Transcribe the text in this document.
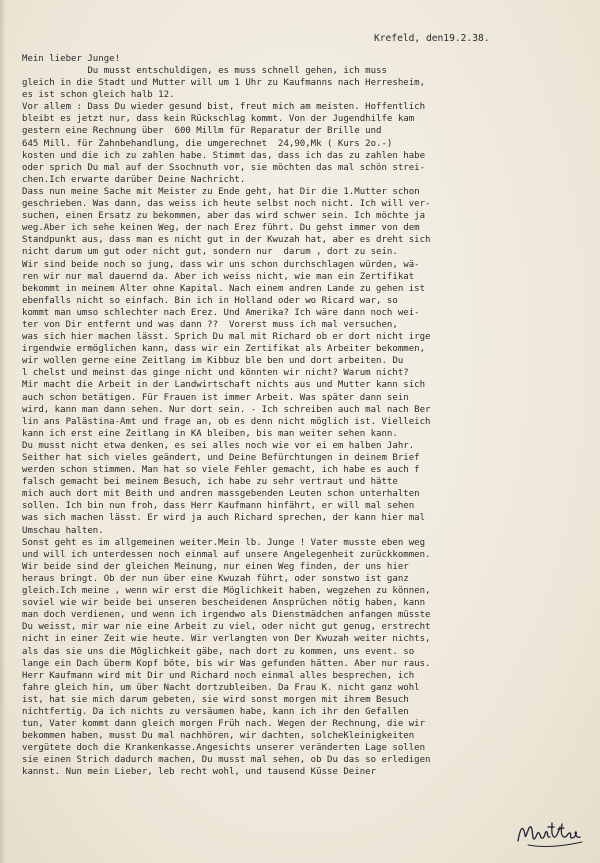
Krefeld, den19.2.38.
Mein lieber Junge!
Du musst entschuldigen, es muss schnell gehen, ich muss
gleich in die Stadt und Mutter will um 1 Uhr zu Kaufmanns nach Herresheim,
es ist schon gleich halb 12.
Vor allem : Dass Du wieder gesund bist, freut mich am meisten. Hoffentlich
bleibt es jetzt nur, dass kein Rückschlag kommt. Von der Jugendhilfe kam
gestern eine Rechnung über  600 Millm für Reparatur der Brille und
645 Mill. für Zahnbehandlung, die umgerechnet  24,90,Mk ( Kurs 2o.-)
kosten und die ich zu zahlen habe. Stimmt das, dass ich das zu zahlen habe
oder sprich Du mal auf der Ssochnuth vor, sie möchten das mal schön strei-
chen.Ich erwarte darüber Deine Nachricht.
Dass nun meine Sache mit Meister zu Ende geht, hat Dir die 1.Mutter schon
geschrieben. Was dann, das weiss ich heute selbst noch nicht. Ich will ver-
suchen, einen Ersatz zu bekommen, aber das wird schwer sein. Ich möchte ja
weg.Aber ich sehe keinen Weg, der nach Erez führt. Du gehst immer von dem
Standpunkt aus, dass man es nicht gut in der Kwuzah hat, aber es dreht sich
nicht darum um gut oder nicht gut, sondern nur  darum , dort zu sein.
Wir sind beide noch so jung, dass wir uns schon durchschlagen würden, wä-
ren wir nur mal dauernd da. Aber ich weiss nicht, wie man ein Zertifikat
bekommt in meinem Alter ohne Kapital. Nach einem andren Lande zu gehen ist
ebenfalls nicht so einfach. Bin ich in Holland oder wo Ricard war, so
kommt man umso schlechter nach Erez. Und Amerika? Ich wäre dann noch wei-
ter von Dir entfernt und was dann ??  Vorerst muss ich mal versuchen,
was sich hier machen lässt. Sprich Du mal mit Richard ob er dort nicht irge
irgendwie ermöglichen kann, dass wir ein Zertifikat als Arbeiter bekommen,
wir wollen gerne eine Zeitlang im Kibbuz ble ben und dort arbeiten. Du
l chelst und meinst das ginge nicht und könnten wir nicht? Warum nicht?
Mir macht die Arbeit in der Landwirtschaft nichts aus und Mutter kann sich
auch schon betätigen. Für Frauen ist immer Arbeit. Was später dann sein
wird, kann man dann sehen. Nur dort sein. - Ich schreiben auch mal nach Ber
lin ans Palästina-Amt und frage an, ob es denn nicht möglich ist. Vielleich
kann ich erst eine Zeitlang in KA bleiben, bis man weiter sehen kann.
Du musst nicht etwa denken, es sei alles noch wie vor ei em halben Jahr.
Seither hat sich vieles geändert, und Deine Befürchtungen in deinem Brief
werden schon stimmen. Man hat so viele Fehler gemacht, ich habe es auch f
falsch gemacht bei meinem Besuch, ich habe zu sehr vertraut und hätte
mich auch dort mit Beith und andren massgebenden Leuten schon unterhalten
sollen. Ich bin nun froh, dass Herr Kaufmann hinfährt, er will mal sehen
was sich machen lässt. Er wird ja auch Richard sprechen, der kann hier mal
Umschau halten.
Sonst geht es im allgemeinen weiter.Mein lb. Junge ! Vater musste eben weg
und will ich unterdessen noch einmal auf unsere Angelegenheit zurückkommen.
Wir beide sind der gleichen Meinung, nur einen Weg finden, der uns hier
heraus bringt. Ob der nun über eine Kwuzah führt, oder sonstwo ist ganz
gleich.Ich meine , wenn wir erst die Möglichkeit haben, wegzehen zu können,
soviel wie wir beide bei unseren bescheidenen Ansprüchen nötig haben, kann
man doch verdienen, und wenn ich irgendwo als Dienstmädchen anfangen müsste
Du weisst, mir war nie eine Arbeit zu viel, oder nicht gut genug, erstrecht
nicht in einer Zeit wie heute. Wir verlangten von Der Kwuzah weiter nichts,
als das sie uns die Möglichkeit gäbe, nach dort zu kommen, uns event. so
lange ein Dach überm Kopf böte, bis wir Was gefunden hätten. Aber nur raus.
Herr Kaufmann wird mit Dir und Richard noch einmal alles besprechen, ich
fahre gleich hin, um über Nacht dortzubleiben. Da Frau K. nicht ganz wohl
ist, hat sie mich darum gebeten, sie wird sonst morgen mit ihrem Besuch
nichtfertig. Da ich nichts zu versäumen habe, kann ich ihr den Gefallen
tun, Vater kommt dann gleich morgen Früh nach. Wegen der Rechnung, die wir
bekommen haben, musst Du mal nachhören, wir dachten, solcheKleinigkeiten
vergütete doch die Krankenkasse.Angesichts unserer veränderten Lage sollen
sie einen Strich dadurch machen, Du musst mal sehen, ob Du das so erledigen
kannst. Nun mein Lieber, leb recht wohl, und tausend Küsse Deiner
